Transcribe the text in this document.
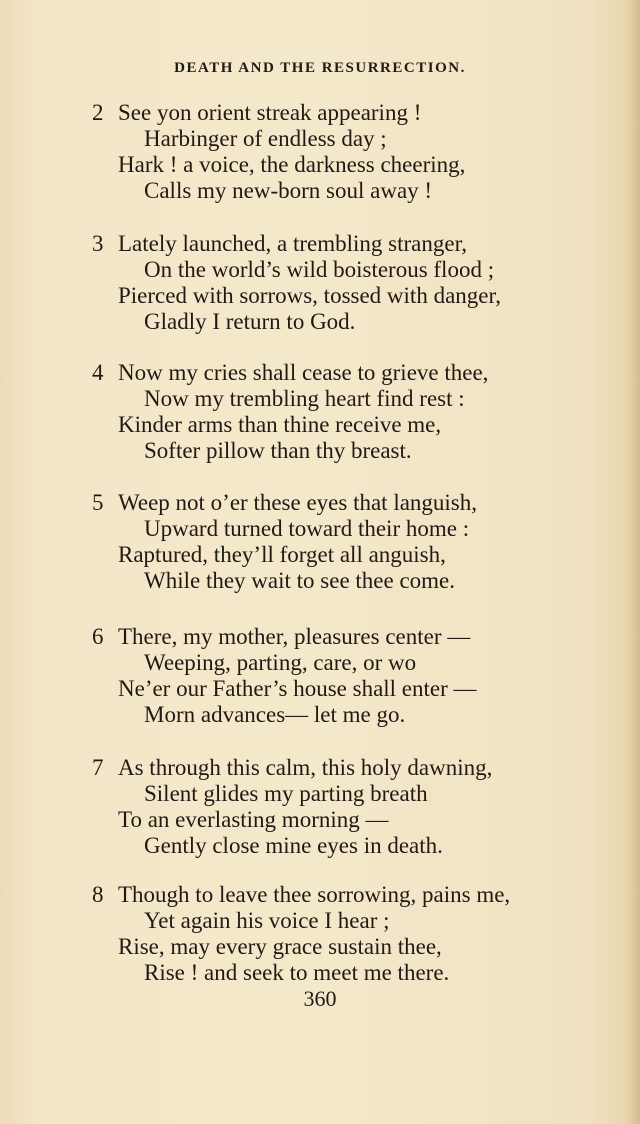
DEATH AND THE RESURRECTION.
2 See yon orient streak appearing !
Harbinger of endless day ;
Hark ! a voice, the darkness cheering,
Calls my new-born soul away !
3 Lately launched, a trembling stranger,
On the world’s wild boisterous flood ;
Pierced with sorrows, tossed with danger,
Gladly I return to God.
4 Now my cries shall cease to grieve thee,
Now my trembling heart find rest :
Kinder arms than thine receive me,
Softer pillow than thy breast.
5 Weep not o’er these eyes that languish,
Upward turned toward their home :
Raptured, they’ll forget all anguish,
While they wait to see thee come.
6 There, my mother, pleasures center —
Weeping, parting, care, or wo
Ne’er our Father’s house shall enter —
Morn advances— let me go.
7 As through this calm, this holy dawning,
Silent glides my parting breath
To an everlasting morning —
Gently close mine eyes in death.
8 Though to leave thee sorrowing, pains me,
Yet again his voice I hear ;
Rise, may every grace sustain thee,
Rise ! and seek to meet me there.
360
